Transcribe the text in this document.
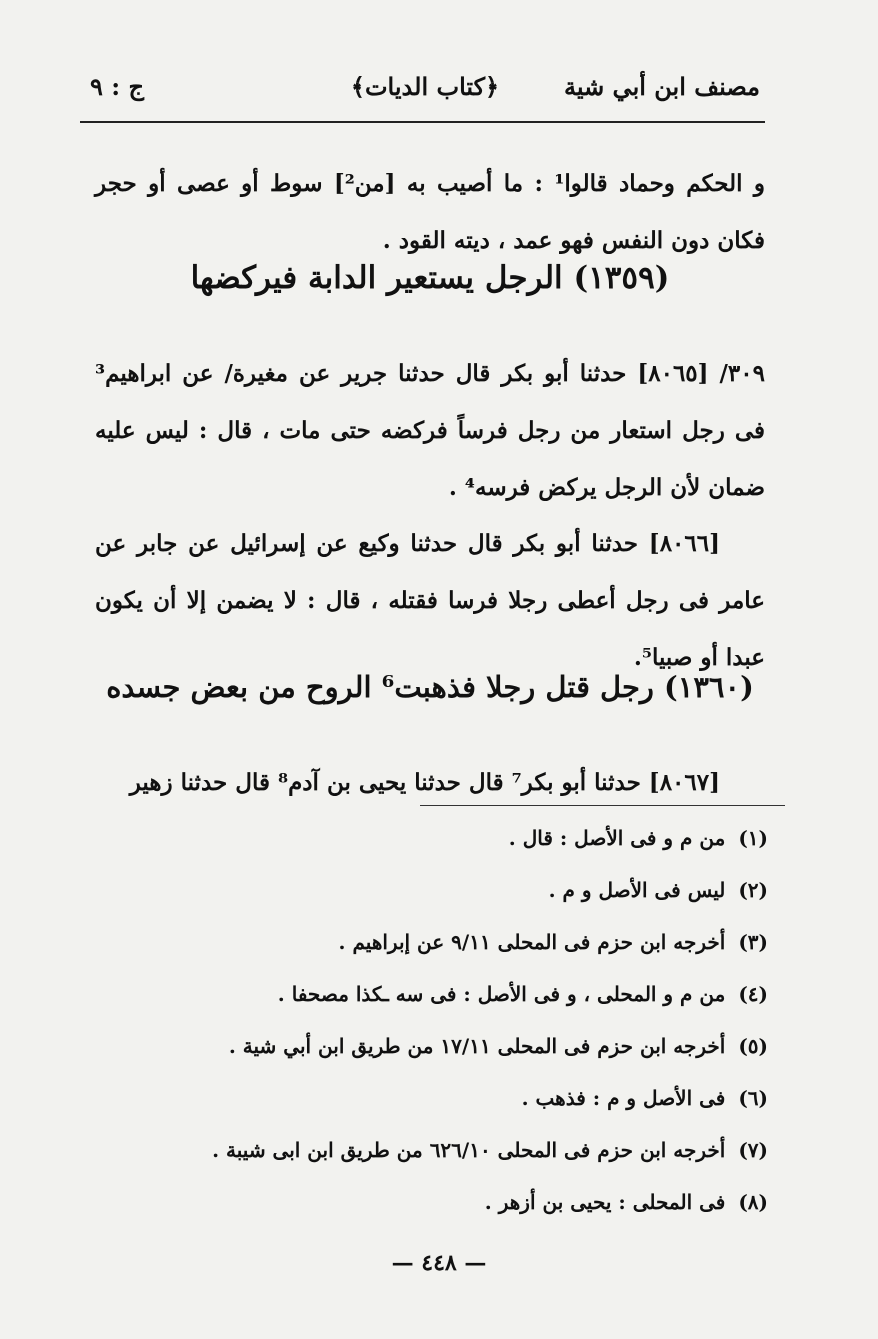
مصنف ابن أبي شية
﴿كتاب الديات﴾
ج : ٩

و الحكم وحماد قالوا¹ : ما أصيب به [من²] سوط أو عصى أو حجر فكان دون النفس فهو عمد ، ديته القود .

(١٣٥٩) الرجل يستعير الدابة فيركضها

٣٠٩/ [٨٠٦٥] حدثنا أبو بكر قال حدثنا جرير عن مغيرة/ عن ابراهيم³ فى رجل استعار من رجل فرساً فركضه حتى مات ، قال : ليس عليه ضمان لأن الرجل يركض فرسه⁴ .

[٨٠٦٦] حدثنا أبو بكر قال حدثنا وكيع عن إسرائيل عن جابر عن عامر فى رجل أعطى رجلا فرسا فقتله ، قال : لا يضمن إلا أن يكون عبدا أو صبيا⁵.

(١٣٦٠) رجل قتل رجلا فذهبت⁶ الروح من بعض جسده

[٨٠٦٧] حدثنا أبو بكر⁷ قال حدثنا يحيى بن آدم⁸ قال حدثنا زهير

(١) من م و فى الأصل : قال .
(٢) ليس فى الأصل و م .
(٣) أخرجه ابن حزم فى المحلى ٩/١١ عن إبراهيم .
(٤) من م و المحلى ، و فى الأصل : فى سه ـكذا مصحفا .
(٥) أخرجه ابن حزم فى المحلى ١٧/١١ من طريق ابن أبي شية .
(٦) فى الأصل و م : فذهب .
(٧) أخرجه ابن حزم فى المحلى ٦٢٦/١٠ من طريق ابن ابى شيبة .
(٨) فى المحلى : يحيى بن أزهر .
— ٤٤٨ —
